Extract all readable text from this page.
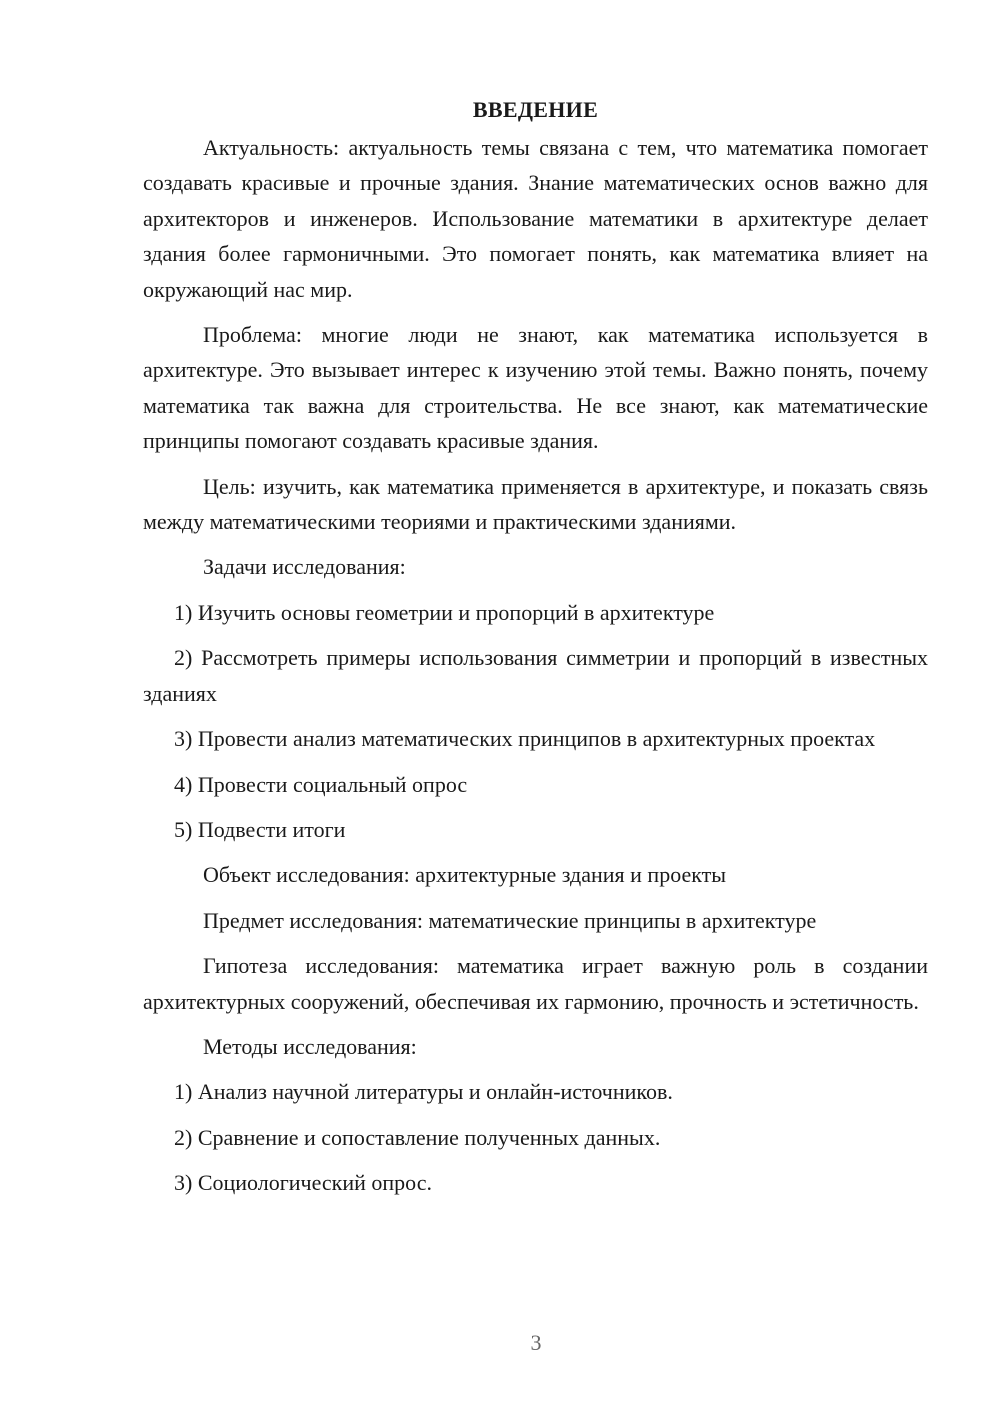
ВВЕДЕНИЕ

Актуальность: актуальность темы связана с тем, что математика помогает создавать красивые и прочные здания. Знание математических основ важно для архитекторов и инженеров. Использование математики в архитектуре делает здания более гармоничными. Это помогает понять, как математика влияет на окружающий нас мир.

Проблема: многие люди не знают, как математика используется в архитектуре. Это вызывает интерес к изучению этой темы. Важно понять, почему математика так важна для строительства. Не все знают, как математические принципы помогают создавать красивые здания.

Цель: изучить, как математика применяется в архитектуре, и показать связь между математическими теориями и практическими зданиями.

Задачи исследования:

1) Изучить основы геометрии и пропорций в архитектуре

2) Рассмотреть примеры использования симметрии и пропорций в известных зданиях

3) Провести анализ математических принципов в архитектурных проектах

4) Провести социальный опрос

5) Подвести итоги

Объект исследования: архитектурные здания и проекты

Предмет исследования: математические принципы в архитектуре

Гипотеза исследования: математика играет важную роль в создании архитектурных сооружений, обеспечивая их гармонию, прочность и эстетичность.

Методы исследования:

1) Анализ научной литературы и онлайн-источников.

2) Сравнение и сопоставление полученных данных.

3) Социологический опрос.

3
